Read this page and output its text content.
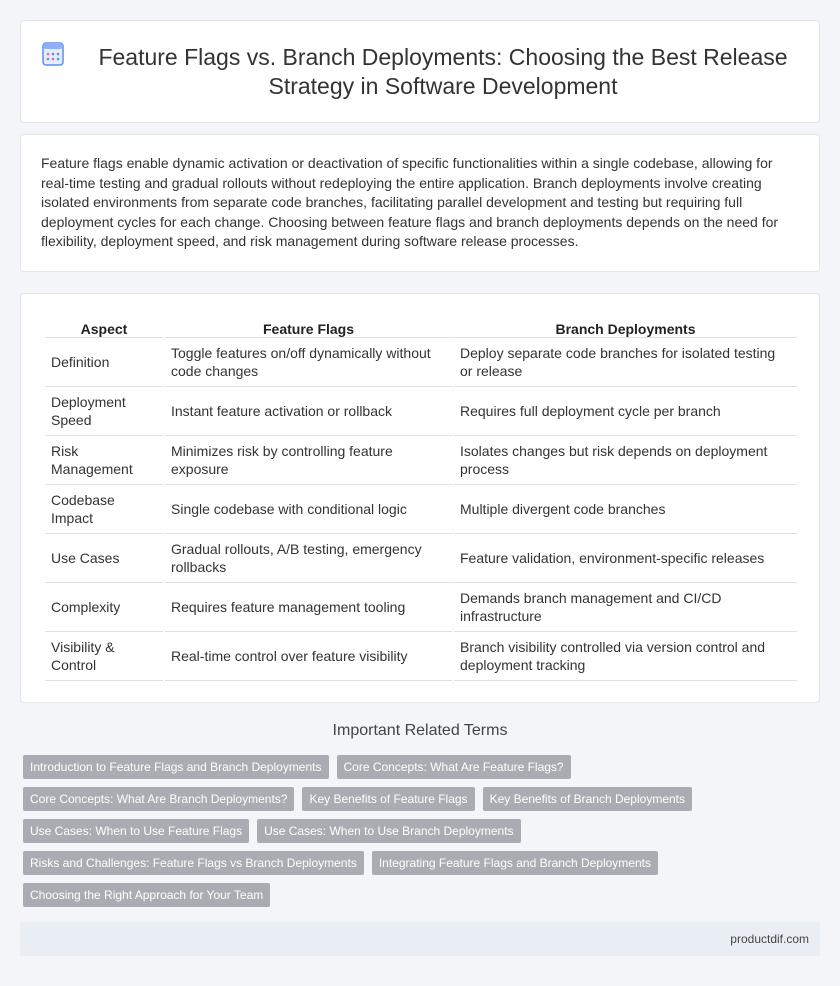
Feature Flags vs. Branch Deployments: Choosing the Best Release Strategy in Software Development

Feature flags enable dynamic activation or deactivation of specific functionalities within a single codebase, allowing for real-time testing and gradual rollouts without redeploying the entire application. Branch deployments involve creating isolated environments from separate code branches, facilitating parallel development and testing but requiring full deployment cycles for each change. Choosing between feature flags and branch deployments depends on the need for flexibility, deployment speed, and risk management during software release processes.

Aspect	Feature Flags	Branch Deployments
Definition	Toggle features on/off dynamically without code changes	Deploy separate code branches for isolated testing or release
Deployment Speed	Instant feature activation or rollback	Requires full deployment cycle per branch
Risk Management	Minimizes risk by controlling feature exposure	Isolates changes but risk depends on deployment process
Codebase Impact	Single codebase with conditional logic	Multiple divergent code branches
Use Cases	Gradual rollouts, A/B testing, emergency rollbacks	Feature validation, environment-specific releases
Complexity	Requires feature management tooling	Demands branch management and CI/CD infrastructure
Visibility & Control	Real-time control over feature visibility	Branch visibility controlled via version control and deployment tracking
Important Related Terms
Introduction to Feature Flags and Branch Deployments	Core Concepts: What Are Feature Flags?
Core Concepts: What Are Branch Deployments?	Key Benefits of Feature Flags	Key Benefits of Branch Deployments
Use Cases: When to Use Feature Flags	Use Cases: When to Use Branch Deployments
Risks and Challenges: Feature Flags vs Branch Deployments	Integrating Feature Flags and Branch Deployments
Choosing the Right Approach for Your Team
productdif.com
